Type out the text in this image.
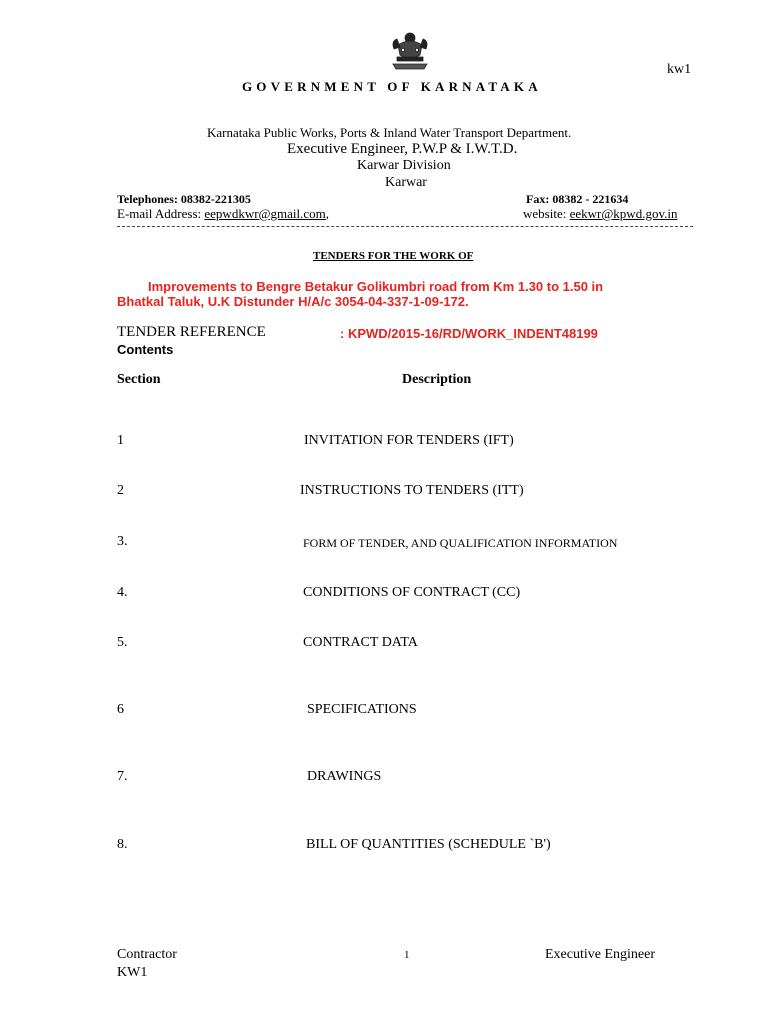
kw1
GOVERNMENT OF KARNATAKA
Karnataka Public Works, Ports & Inland Water Transport Department.
Executive Engineer, P.W.P & I.W.T.D.
Karwar Division
Karwar
Telephones: 08382-221305	Fax: 08382 - 221634
E-mail Address: eepwdkwr@gmail.com,	website: eekwr@kpwd.gov.in
TENDERS FOR THE WORK OF
Improvements to Bengre Betakur Golikumbri road from Km 1.30 to 1.50 in
Bhatkal Taluk, U.K Distunder H/A/c 3054-04-337-1-09-172.
TENDER REFERENCE	: KPWD/2015-16/RD/WORK_INDENT48199
Contents
Section	Description
1	INVITATION FOR TENDERS (IFT)
2	INSTRUCTIONS TO TENDERS (ITT)
3.	FORM OF TENDER, AND QUALIFICATION INFORMATION
4.	CONDITIONS OF CONTRACT (CC)
5.	CONTRACT DATA
6	SPECIFICATIONS
7.	DRAWINGS
8.	BILL OF QUANTITIES (SCHEDULE `B')
Contractor
KW1
1	Executive Engineer
